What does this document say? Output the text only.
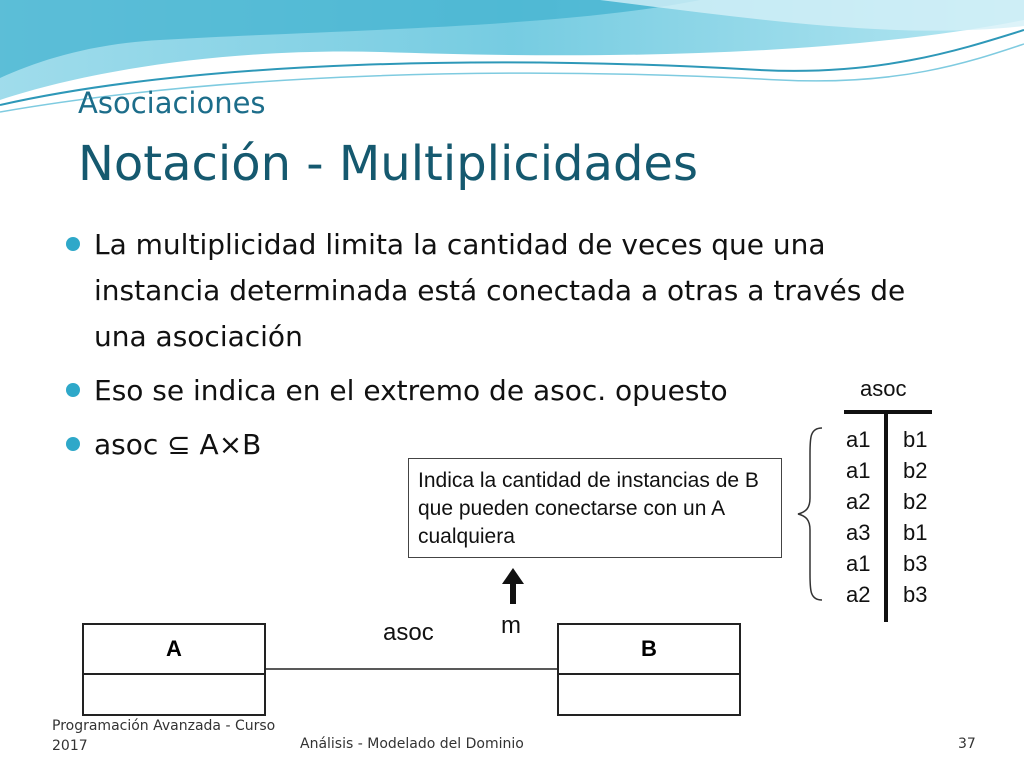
Asociaciones
Notación - Multiplicidades
La multiplicidad limita la cantidad de veces que una instancia determinada está conectada a otras a través de una asociación
Eso se indica en el extremo de asoc. opuesto
asoc ⊆ A×B
Indica la cantidad de instancias de B que pueden conectarse con un A cualquiera
asoc
a1	b1
a1	b2
a2	b2
a3	b1
a1	b3
a2	b3
m
asoc
A	B
Programación Avanzada - Curso 2017	Análisis - Modelado del Dominio	37
